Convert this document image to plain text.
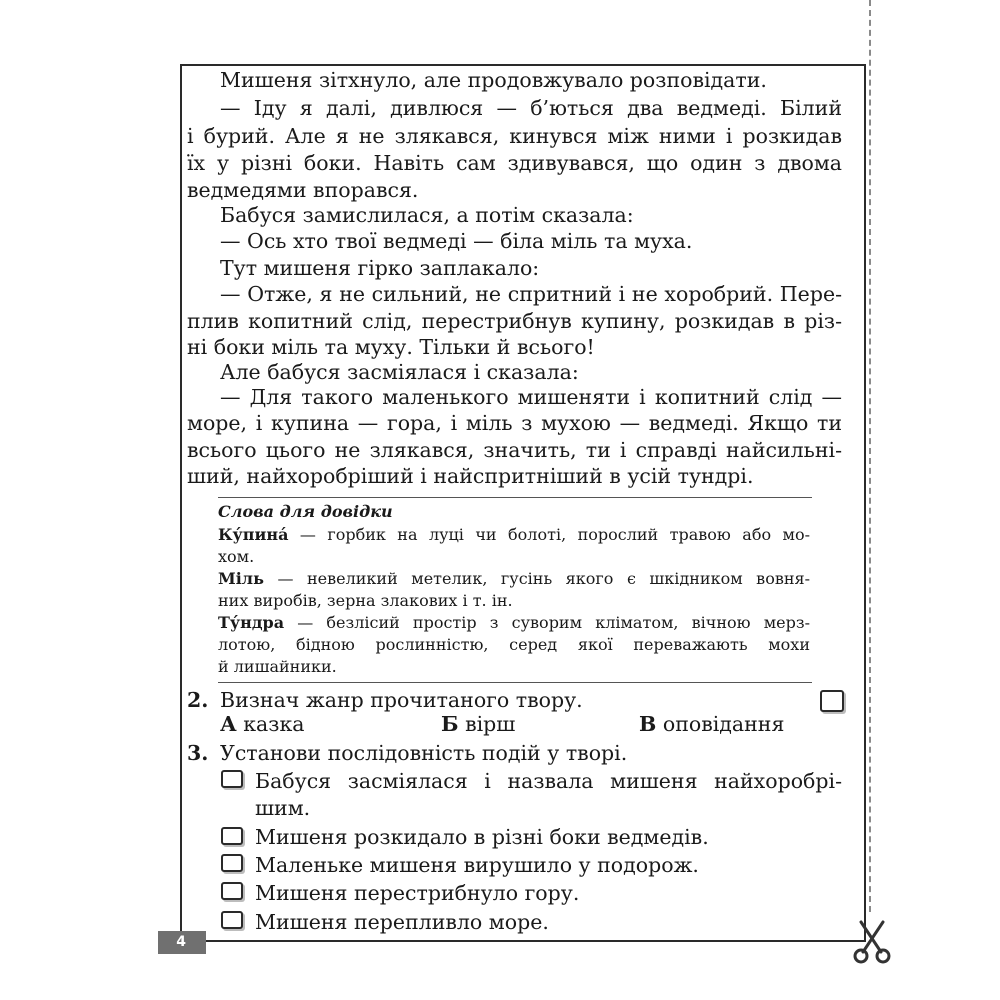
4
Мишеня зітхнуло, але продовжувало розповідати.
— Іду я далі, дивлюся — б’ються два ведмеді. Білий
і бурий. Але я не злякався, кинувся між ними і розкидав
їх у різні боки. Навіть сам здивувався, що один з двома
ведмедями впорався.
Бабуся замислилася, а потім сказала:
— Ось хто твої ведмеді — біла міль та муха.
Тут мишеня гірко заплакало:
— Отже, я не сильний, не спритний і не хоробрий. Пере-
плив копитний слід, перестрибнув купину, розкидав в різ-
ні боки міль та муху. Тільки й всього!
Але бабуся засміялася і сказала:
— Для такого маленького мишеняти і копитний слід —
море, і купина — гора, і міль з мухою — ведмеді. Якщо ти
всього цього не злякався, значить, ти і справді найсильні-
ший, найхоробріший і найспритніший в усій тундрі.
Слова для довідки
Ку́пина́ — горбик на луці чи болоті, порослий травою або мо-
хом.
Міль — невеликий метелик, гусінь якого є шкідником вовня-
них виробів, зерна злакових і т. ін.
Ту́ндра — безлісий простір з суворим кліматом, вічною мерз-
лотою, бідною рослинністю, серед якої переважають мохи
й лишайники.
2. Визнач жанр прочитаного твору.
А казка	Б вірш	В оповідання
3. Установи послідовність подій у творі.
Бабуся засміялася і назвала мишеня найхоробрі-
шим.
Мишеня розкидало в різні боки ведмедів.
Маленьке мишеня вирушило у подорож.
Мишеня перестрибнуло гору.
Мишеня перепливло море.
